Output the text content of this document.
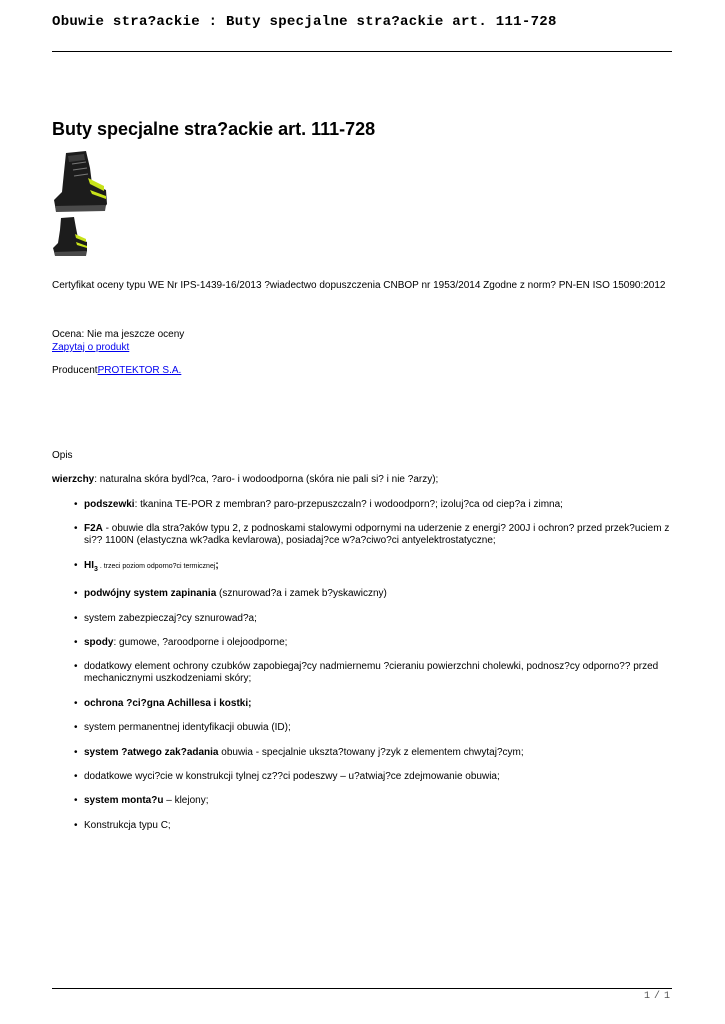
Obuwie stra?ackie : Buty specjalne stra?ackie art. 111-728
Buty specjalne stra?ackie art. 111-728
Certyfikat oceny typu WE Nr IPS-1439-16/2013 ?wiadectwo dopuszczenia CNBOP nr 1953/2014 Zgodne z norm? PN-EN ISO 15090:2012
Ocena: Nie ma jeszcze oceny
Zapytaj o produkt
ProducentPROTEKTOR S.A.
Opis
wierzchy: naturalna skóra bydl?ca, ?aro- i wodoodporna (skóra nie pali si? i nie ?arzy);
• podszewki: tkanina TE-POR z membran? paro-przepuszczaln? i wodoodporn?; izoluj?ca od ciep?a i zimna;
• F2A - obuwie dla stra?aków typu 2, z podnoskami stalowymi odpornymi na uderzenie z energi? 200J i ochron? przed przek?uciem z si?? 1100N (elastyczna wk?adka kevlarowa), posiadaj?ce w?a?ciwo?ci antyelektrostatyczne;
• $HI_3$ . trzeci poziom odporno?ci termicznej;
• podwójny system zapinania (sznurowad?a i zamek b?yskawiczny)
• system zabezpieczaj?cy sznurowad?a;
• spody: gumowe, ?aroodporne i olejoodporne;
• dodatkowy element ochrony czubków zapobiegaj?cy nadmiernemu ?cieraniu powierzchni cholewki, podnosz?cy odporno?? przed mechanicznymi uszkodzeniami skóry;
• ochrona ?ci?gna Achillesa i kostki;
• system permanentnej identyfikacji obuwia (ID);
• system ?atwego zak?adania obuwia - specjalnie ukszta?towany j?zyk z elementem chwytaj?cym;
• dodatkowe wyci?cie w konstrukcji tylnej cz??ci podeszwy – u?atwiaj?ce zdejmowanie obuwia;
• system monta?u – klejony;
• Konstrukcja typu C;
1 / 1
